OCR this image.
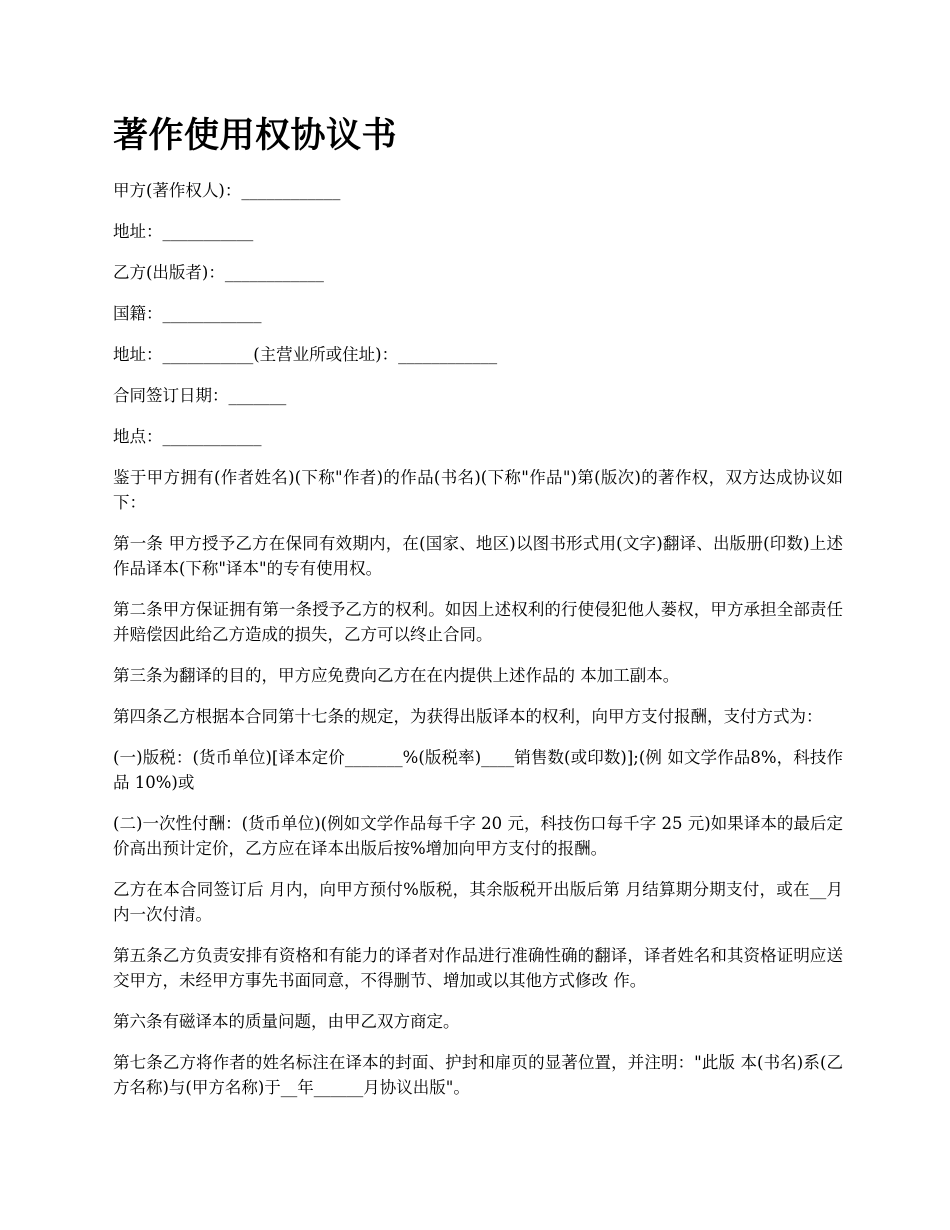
著作使用权协议书

甲方(著作权人)：____________

地址：___________

乙方(出版者)：____________

国籍：____________

地址：___________(主营业所或住址)：____________

合同签订日期：_______

地点：____________

鉴于甲方拥有(作者姓名)(下称"作者)的作品(书名)(下称"作品")第(版次)的著作权，双方达成协议如下：

第一条 甲方授予乙方在保同有效期内，在(国家、地区)以图书形式用(文字)翻译、出版册(印数)上述作品译本(下称"译本"的专有使用权。

第二条甲方保证拥有第一条授予乙方的权利。如因上述权利的行使侵犯他人蒌权，甲方承担全部责任并赔偿因此给乙方造成的损失，乙方可以终止合同。

第三条为翻译的目的，甲方应免费向乙方在在内提供上述作品的 本加工副本。

第四条乙方根据本合同第十七条的规定，为获得出版译本的权利，向甲方支付报酬，支付方式为：

(一)版税：(货币单位)[译本定价_______%(版税率)____销售数(或印数)];(例 如文学作品8%，科技作品 10%)或

(二)一次性付酬：(货币单位)(例如文学作品每千字 20 元，科技伤口每千字 25 元)如果译本的最后定价高出预计定价，乙方应在译本出版后按%增加向甲方支付的报酬。

乙方在本合同签订后 月内，向甲方预付%版税，其余版税开出版后第 月结算期分期支付，或在__月内一次付清。

第五条乙方负责安排有资格和有能力的译者对作品进行准确性确的翻译，译者姓名和其资格证明应送交甲方，未经甲方事先书面同意，不得删节、增加或以其他方式修改 作。

第六条有磁译本的质量问题，由甲乙双方商定。

第七条乙方将作者的姓名标注在译本的封面、护封和扉页的显著位置，并注明："此版 本(书名)系(乙方名称)与(甲方名称)于__年______月协议出版"。
